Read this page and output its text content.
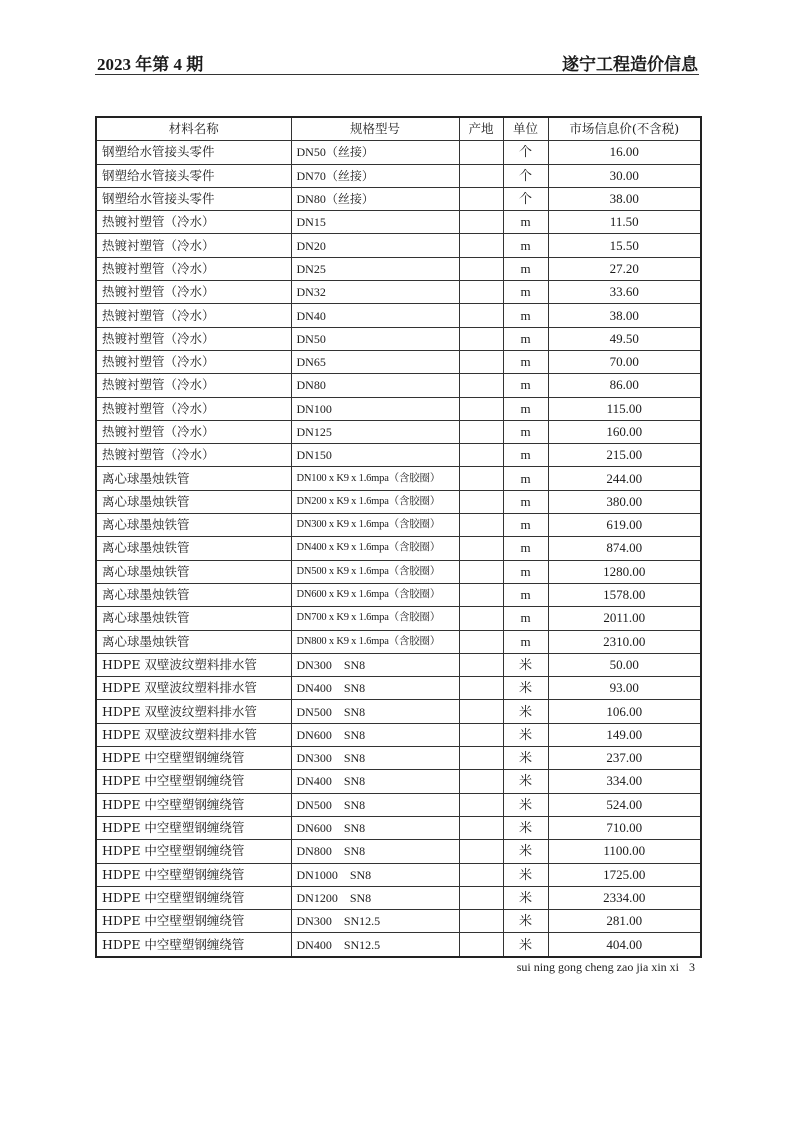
2023 年第 4 期	遂宁工程造价信息
材料名称	规格型号	产地	单位	市场信息价(不含税)
钢塑给水管接头零件	DN50（丝接）		个	16.00
钢塑给水管接头零件	DN70（丝接）		个	30.00
钢塑给水管接头零件	DN80（丝接）		个	38.00
热镀衬塑管（冷水）	DN15		m	11.50
热镀衬塑管（冷水）	DN20		m	15.50
热镀衬塑管（冷水）	DN25		m	27.20
热镀衬塑管（冷水）	DN32		m	33.60
热镀衬塑管（冷水）	DN40		m	38.00
热镀衬塑管（冷水）	DN50		m	49.50
热镀衬塑管（冷水）	DN65		m	70.00
热镀衬塑管（冷水）	DN80		m	86.00
热镀衬塑管（冷水）	DN100		m	115.00
热镀衬塑管（冷水）	DN125		m	160.00
热镀衬塑管（冷水）	DN150		m	215.00
离心球墨烛铁管	DN100 x K9 x 1.6mpa（含胶圈）		m	244.00
离心球墨烛铁管	DN200 x K9 x 1.6mpa（含胶圈）		m	380.00
离心球墨烛铁管	DN300 x K9 x 1.6mpa（含胶圈）		m	619.00
离心球墨烛铁管	DN400 x K9 x 1.6mpa（含胶圈）		m	874.00
离心球墨烛铁管	DN500 x K9 x 1.6mpa（含胶圈）		m	1280.00
离心球墨烛铁管	DN600 x K9 x 1.6mpa（含胶圈）		m	1578.00
离心球墨烛铁管	DN700 x K9 x 1.6mpa（含胶圈）		m	2011.00
离心球墨烛铁管	DN800 x K9 x 1.6mpa（含胶圈）		m	2310.00
HDPE 双壁波纹塑料排水管	DN300　SN8		米	50.00
HDPE 双壁波纹塑料排水管	DN400　SN8		米	93.00
HDPE 双壁波纹塑料排水管	DN500　SN8		米	106.00
HDPE 双壁波纹塑料排水管	DN600　SN8		米	149.00
HDPE 中空壁塑钢缠绕管	DN300　SN8		米	237.00
HDPE 中空壁塑钢缠绕管	DN400　SN8		米	334.00
HDPE 中空壁塑钢缠绕管	DN500　SN8		米	524.00
HDPE 中空壁塑钢缠绕管	DN600　SN8		米	710.00
HDPE 中空壁塑钢缠绕管	DN800　SN8		米	1100.00
HDPE 中空壁塑钢缠绕管	DN1000　SN8		米	1725.00
HDPE 中空壁塑钢缠绕管	DN1200　SN8		米	2334.00
HDPE 中空壁塑钢缠绕管	DN300　SN12.5		米	281.00
HDPE 中空壁塑钢缠绕管	DN400　SN12.5		米	404.00
sui ning gong cheng zao jia xin xi 3
